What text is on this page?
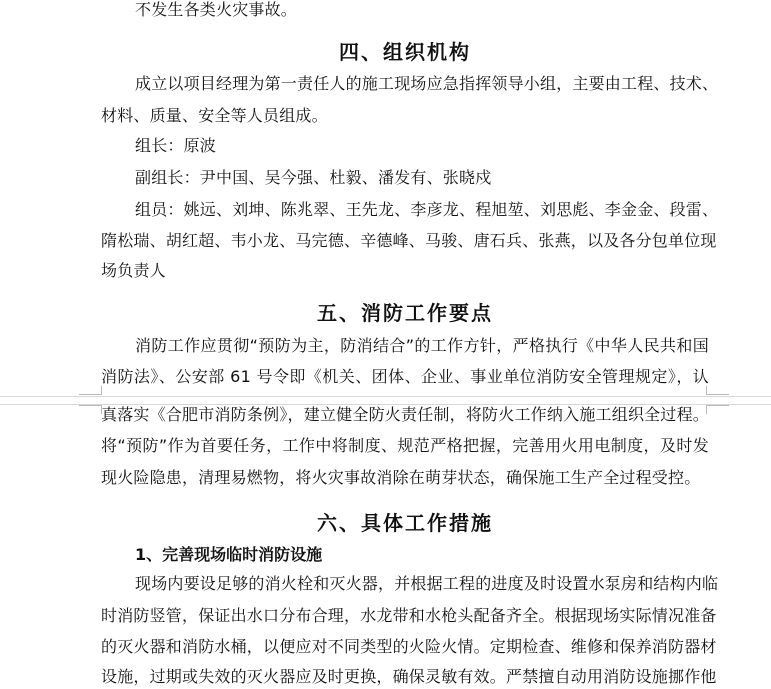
不发生各类火灾事故。
四、组织机构
成立以项目经理为第一责任人的施工现场应急指挥领导小组，主要由工程、技术、
材料、质量、安全等人员组成。
组长：原波
副组长：尹中国、吴今强、杜毅、潘发有、张晓戍
组员：姚远、刘坤、陈兆翠、王先龙、李彦龙、程旭堃、刘思彪、李金金、段雷、
隋松瑞、胡红超、韦小龙、马完德、辛德峰、马骏、唐石兵、张燕，以及各分包单位现
场负责人
五、消防工作要点
消防工作应贯彻“预防为主，防消结合”的工作方针，严格执行《中华人民共和国
消防法》、公安部 61 号令即《机关、团体、企业、事业单位消防安全管理规定》，认
真落实《合肥市消防条例》，建立健全防火责任制，将防火工作纳入施工组织全过程。
将“预防”作为首要任务，工作中将制度、规范严格把握，完善用火用电制度，及时发
现火险隐患，清理易燃物，将火灾事故消除在萌芽状态，确保施工生产全过程受控。
六、具体工作措施
1、完善现场临时消防设施
现场内要设足够的消火栓和灭火器，并根据工程的进度及时设置水泵房和结构内临
时消防竖管，保证出水口分布合理，水龙带和水枪头配备齐全。根据现场实际情况准备
的灭火器和消防水桶，以便应对不同类型的火险火情。定期检查、维修和保养消防器材
设施，过期或失效的灭火器应及时更换，确保灵敏有效。严禁擅自动用消防设施挪作他
